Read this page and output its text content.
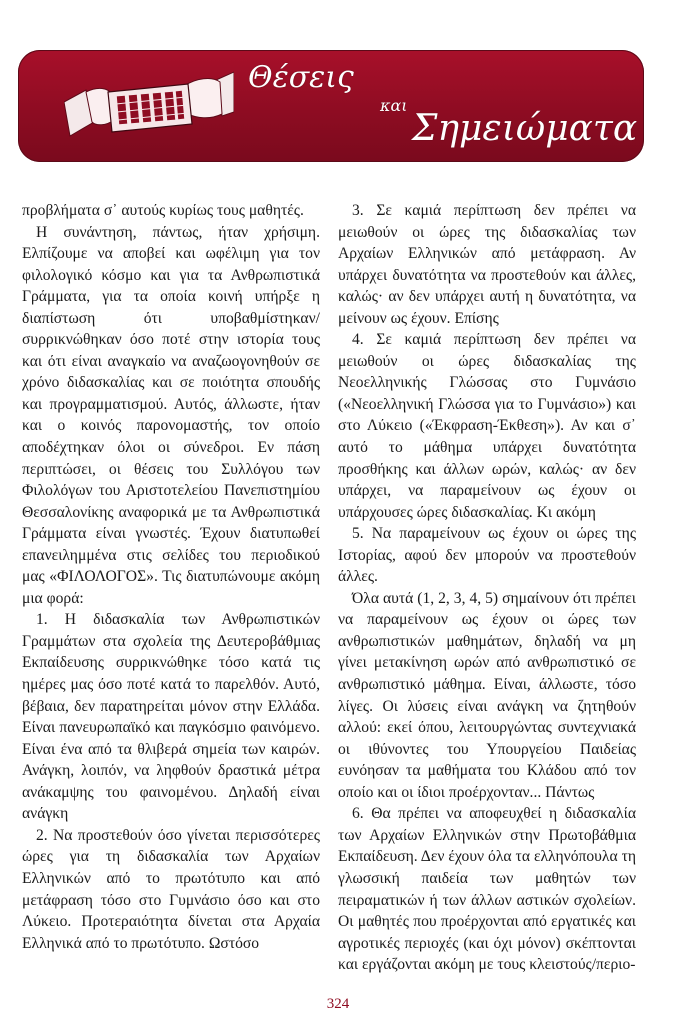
Θέσεις
και
Σημειώματα

προβλήματα σ᾽ αυτούς κυρίως τους μαθητές.

Η συνάντηση, πάντως, ήταν χρήσιμη. Ελπίζουμε να αποβεί και ωφέλιμη για τον φιλολογικό κόσμο και για τα Ανθρωπιστικά Γράμματα, για τα οποία κοινή υπήρξε η διαπίστωση ότι υποβαθμίστηκαν/συρρικνώθηκαν όσο ποτέ στην ιστορία τους και ότι είναι αναγκαίο να αναζωογονηθούν σε χρόνο διδασκαλίας και σε ποιότητα σπουδής και προγραμματισμού. Αυτός, άλλωστε, ήταν και ο κοινός παρονομαστής, τον οποίο αποδέχτηκαν όλοι οι σύνεδροι. Εν πάση περιπτώσει, οι θέσεις του Συλλόγου των Φιλολόγων του Αριστοτελείου Πανεπιστημίου Θεσσαλονίκης αναφορικά με τα Ανθρωπιστικά Γράμματα είναι γνωστές. Έχουν διατυπωθεί επανειλημμένα στις σελίδες του περιοδικού μας «ΦΙΛΟΛΟΓΟΣ». Τις διατυπώνουμε ακόμη μια φορά:

1. Η διδασκαλία των Ανθρωπιστικών Γραμμάτων στα σχολεία της Δευτεροβάθμιας Εκπαίδευσης συρρικνώθηκε τόσο κατά τις ημέρες μας όσο ποτέ κατά το παρελθόν. Αυτό, βέβαια, δεν παρατηρείται μόνον στην Ελλάδα. Είναι πανευρωπαϊκό και παγκόσμιο φαινόμενο. Είναι ένα από τα θλιβερά σημεία των καιρών. Ανάγκη, λοιπόν, να ληφθούν δραστικά μέτρα ανάκαμψης του φαινομένου. Δηλαδή είναι ανάγκη

2. Να προστεθούν όσο γίνεται περισσότερες ώρες για τη διδασκαλία των Αρχαίων Ελληνικών από το πρωτότυπο και από μετάφραση τόσο στο Γυμνάσιο όσο και στο Λύκειο. Προτεραιότητα δίνεται στα Αρχαία Ελληνικά από το πρωτότυπο. Ωστόσο

3. Σε καμιά περίπτωση δεν πρέπει να μειωθούν οι ώρες της διδασκαλίας των Αρχαίων Ελληνικών από μετάφραση. Αν υπάρχει δυνατότητα να προστεθούν και άλλες, καλώς· αν δεν υπάρχει αυτή η δυνατότητα, να μείνουν ως έχουν. Επίσης

4. Σε καμιά περίπτωση δεν πρέπει να μειωθούν οι ώρες διδασκαλίας της Νεοελληνικής Γλώσσας στο Γυμνάσιο («Νεοελληνική Γλώσσα για το Γυμνάσιο») και στο Λύκειο («Έκφραση-Έκθεση»). Αν και σ᾽ αυτό το μάθημα υπάρχει δυνατότητα προσθήκης και άλλων ωρών, καλώς· αν δεν υπάρχει, να παραμείνουν ως έχουν οι υπάρχουσες ώρες διδασκαλίας. Κι ακόμη

5. Να παραμείνουν ως έχουν οι ώρες της Ιστορίας, αφού δεν μπορούν να προστεθούν άλλες.

Όλα αυτά (1, 2, 3, 4, 5) σημαίνουν ότι πρέπει να παραμείνουν ως έχουν οι ώρες των ανθρωπιστικών μαθημάτων, δηλαδή να μη γίνει μετακίνηση ωρών από ανθρωπιστικό σε ανθρωπιστικό μάθημα. Είναι, άλλωστε, τόσο λίγες. Οι λύσεις είναι ανάγκη να ζητηθούν αλλού: εκεί όπου, λειτουργώντας συντεχνιακά οι ιθύνοντες του Υπουργείου Παιδείας ευνόησαν τα μαθήματα του Κλάδου από τον οποίο και οι ίδιοι προέρχονταν... Πάντως

6. Θα πρέπει να αποφευχθεί η διδασκαλία των Αρχαίων Ελληνικών στην Πρωτοβάθμια Εκπαίδευση. Δεν έχουν όλα τα ελληνόπουλα τη γλωσσική παιδεία των μαθητών των πειραματικών ή των άλλων αστικών σχολείων. Οι μαθητές που προέρχονται από εργατικές και αγροτικές περιοχές (και όχι μόνον) σκέπτονται και εργάζονται ακόμη με τους κλειστούς/περιο-

324
